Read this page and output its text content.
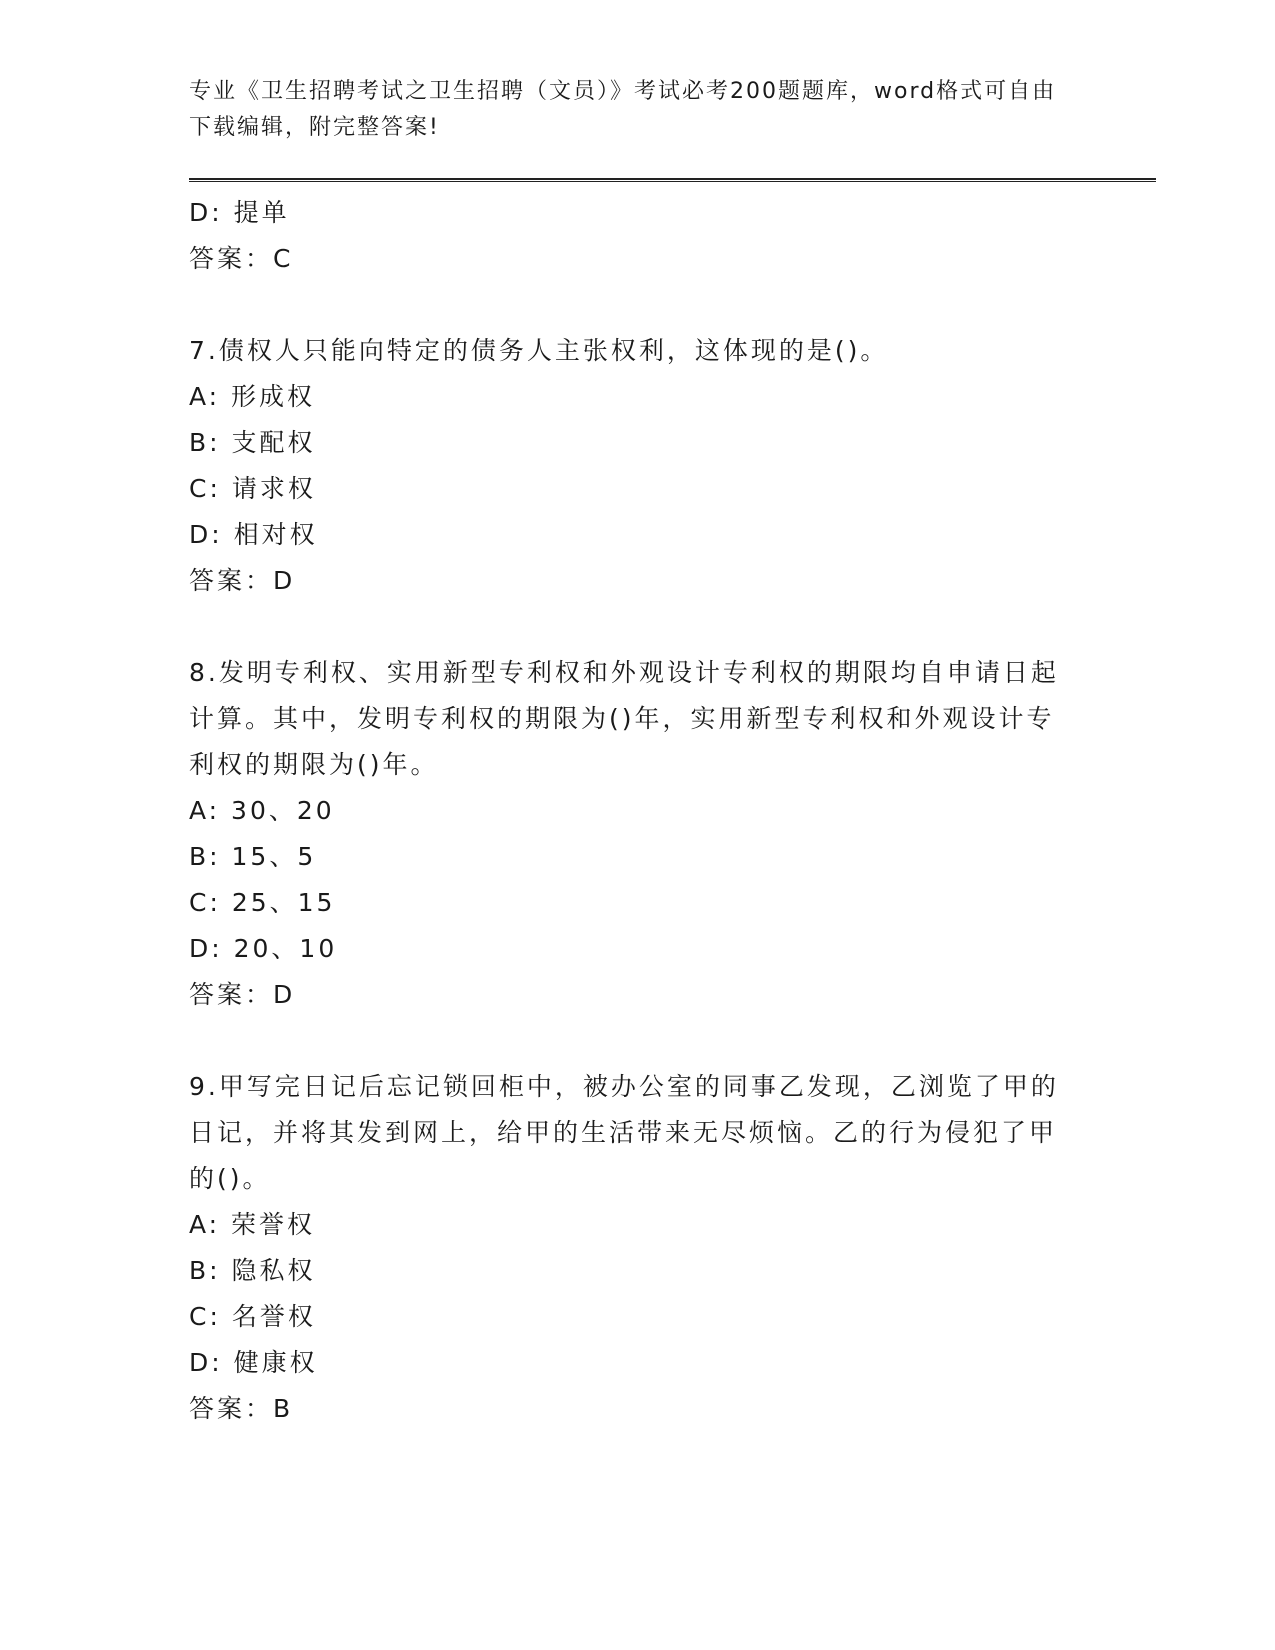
专业《卫生招聘考试之卫生招聘（文员）》考试必考200题题库，word格式可自由下载编辑，附完整答案!
D: 提单
答案：C
7.债权人只能向特定的债务人主张权利，这体现的是()。
A: 形成权
B: 支配权
C: 请求权
D: 相对权
答案：D
8.发明专利权、实用新型专利权和外观设计专利权的期限均自申请日起计算。其中，发明专利权的期限为()年，实用新型专利权和外观设计专利权的期限为()年。
A: 30、20
B: 15、5
C: 25、15
D: 20、10
答案：D
9.甲写完日记后忘记锁回柜中，被办公室的同事乙发现，乙浏览了甲的日记，并将其发到网上，给甲的生活带来无尽烦恼。乙的行为侵犯了甲的()。
A: 荣誉权
B: 隐私权
C: 名誉权
D: 健康权
答案：B
